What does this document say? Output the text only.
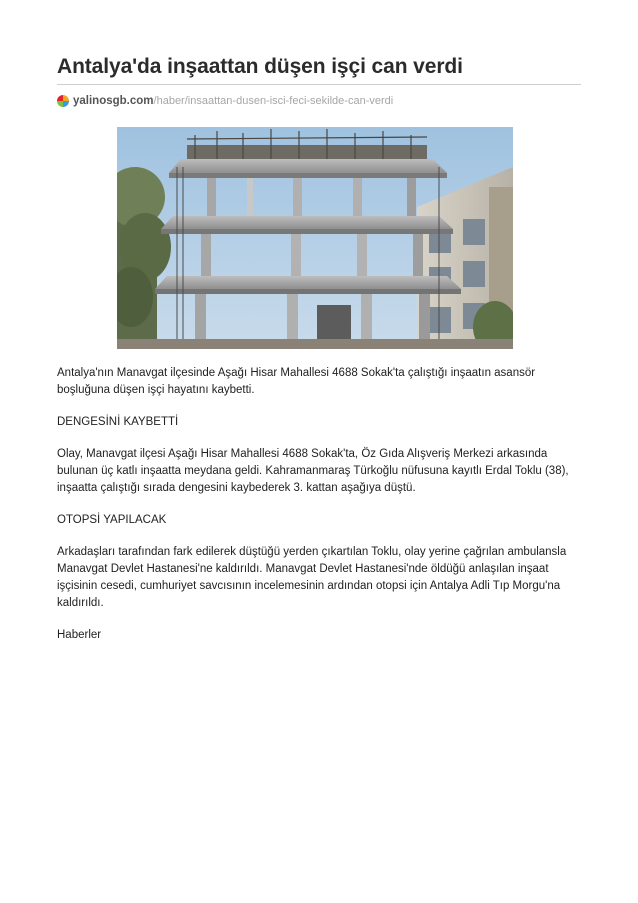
Antalya'da inşaattan düşen işçi can verdi
yalinosgb.com /haber/insaattan-dusen-isci-feci-sekilde-can-verdi

Antalya'nın Manavgat ilçesinde Aşağı Hisar Mahallesi 4688 Sokak'ta çalıştığı inşaatın asansör boşluğuna düşen işçi hayatını kaybetti.

DENGESİNİ KAYBETTİ

Olay, Manavgat ilçesi Aşağı Hisar Mahallesi 4688 Sokak'ta, Öz Gıda Alışveriş Merkezi arkasında bulunan üç katlı inşaatta meydana geldi. Kahramanmaraş Türkoğlu nüfusuna kayıtlı Erdal Toklu (38), inşaatta çalıştığı sırada dengesini kaybederek 3. kattan aşağıya düştü.

OTOPSİ YAPILACAK

Arkadaşları tarafından fark edilerek düştüğü yerden çıkartılan Toklu, olay yerine çağrılan ambulansla Manavgat Devlet Hastanesi'ne kaldırıldı. Manavgat Devlet Hastanesi'nde öldüğü anlaşılan inşaat işçisinin cesedi, cumhuriyet savcısının incelemesinin ardından otopsi için Antalya Adli Tıp Morgu'na kaldırıldı.

Haberler
